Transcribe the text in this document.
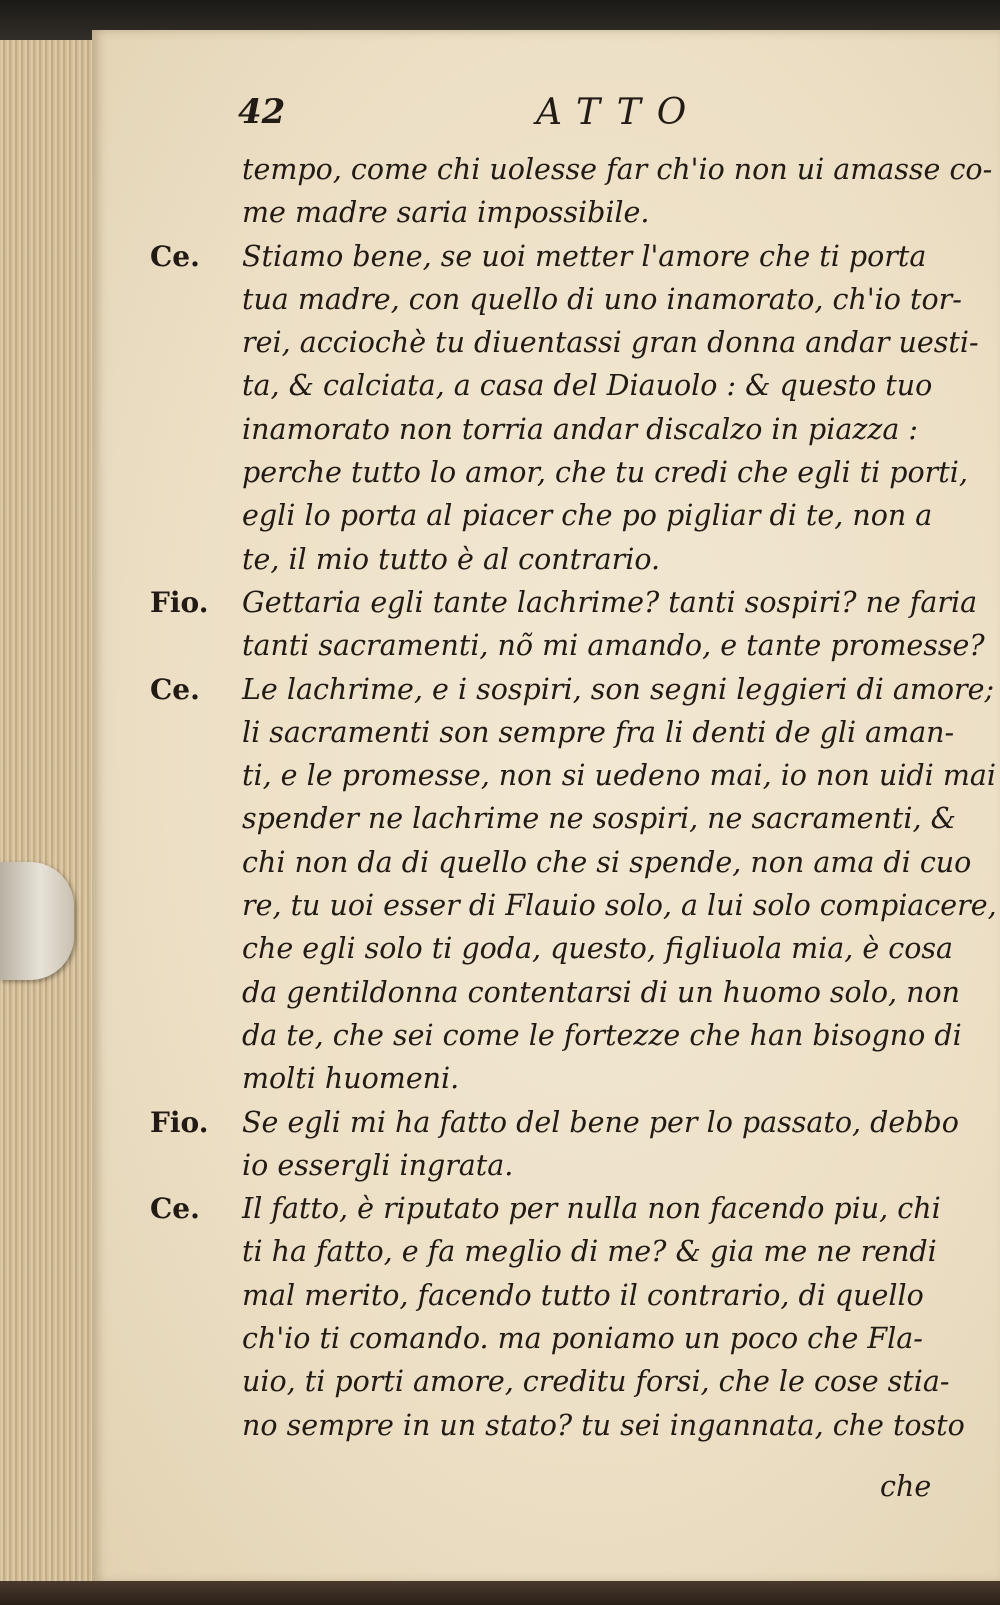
42	ATTO
tempo, come chi uolesse far ch'io non ui amasse co-
me madre saria impossibile.
Ce.	Stiamo bene, se uoi metter l'amore che ti porta
tua madre, con quello di uno inamorato, ch'io tor-
rei, acciochè tu diuentassi gran donna andar uesti-
ta, & calciata, a casa del Diauolo : & questo tuo
inamorato non torria andar discalzo in piazza :
perche tutto lo amor, che tu credi che egli ti porti,
egli lo porta al piacer che po pigliar di te, non a
te, il mio tutto è al contrario.
Fio.	Gettaria egli tante lachrime? tanti sospiri? ne faria
tanti sacramenti, nõ mi amando, e tante promesse?
Ce.	Le lachrime, e i sospiri, son segni leggieri di amore;
li sacramenti son sempre fra li denti de gli aman-
ti, e le promesse, non si uedeno mai, io non uidi mai
spender ne lachrime ne sospiri, ne sacramenti, &
chi non da di quello che si spende, non ama di cuo
re, tu uoi esser di Flauio solo, a lui solo compiacere,
che egli solo ti goda, questo, figliuola mia, è cosa
da gentildonna contentarsi di un huomo solo, non
da te, che sei come le fortezze che han bisogno di
molti huomeni.
Fio.	Se egli mi ha fatto del bene per lo passato, debbo
io essergli ingrata.
Ce.	Il fatto, è riputato per nulla non facendo piu, chi
ti ha fatto, e fa meglio di me? & gia me ne rendi
mal merito, facendo tutto il contrario, di quello
ch'io ti comando. ma poniamo un poco che Fla-
uio, ti porti amore, creditu forsi, che le cose stia-
no sempre in un stato? tu sei ingannata, che tosto
che
